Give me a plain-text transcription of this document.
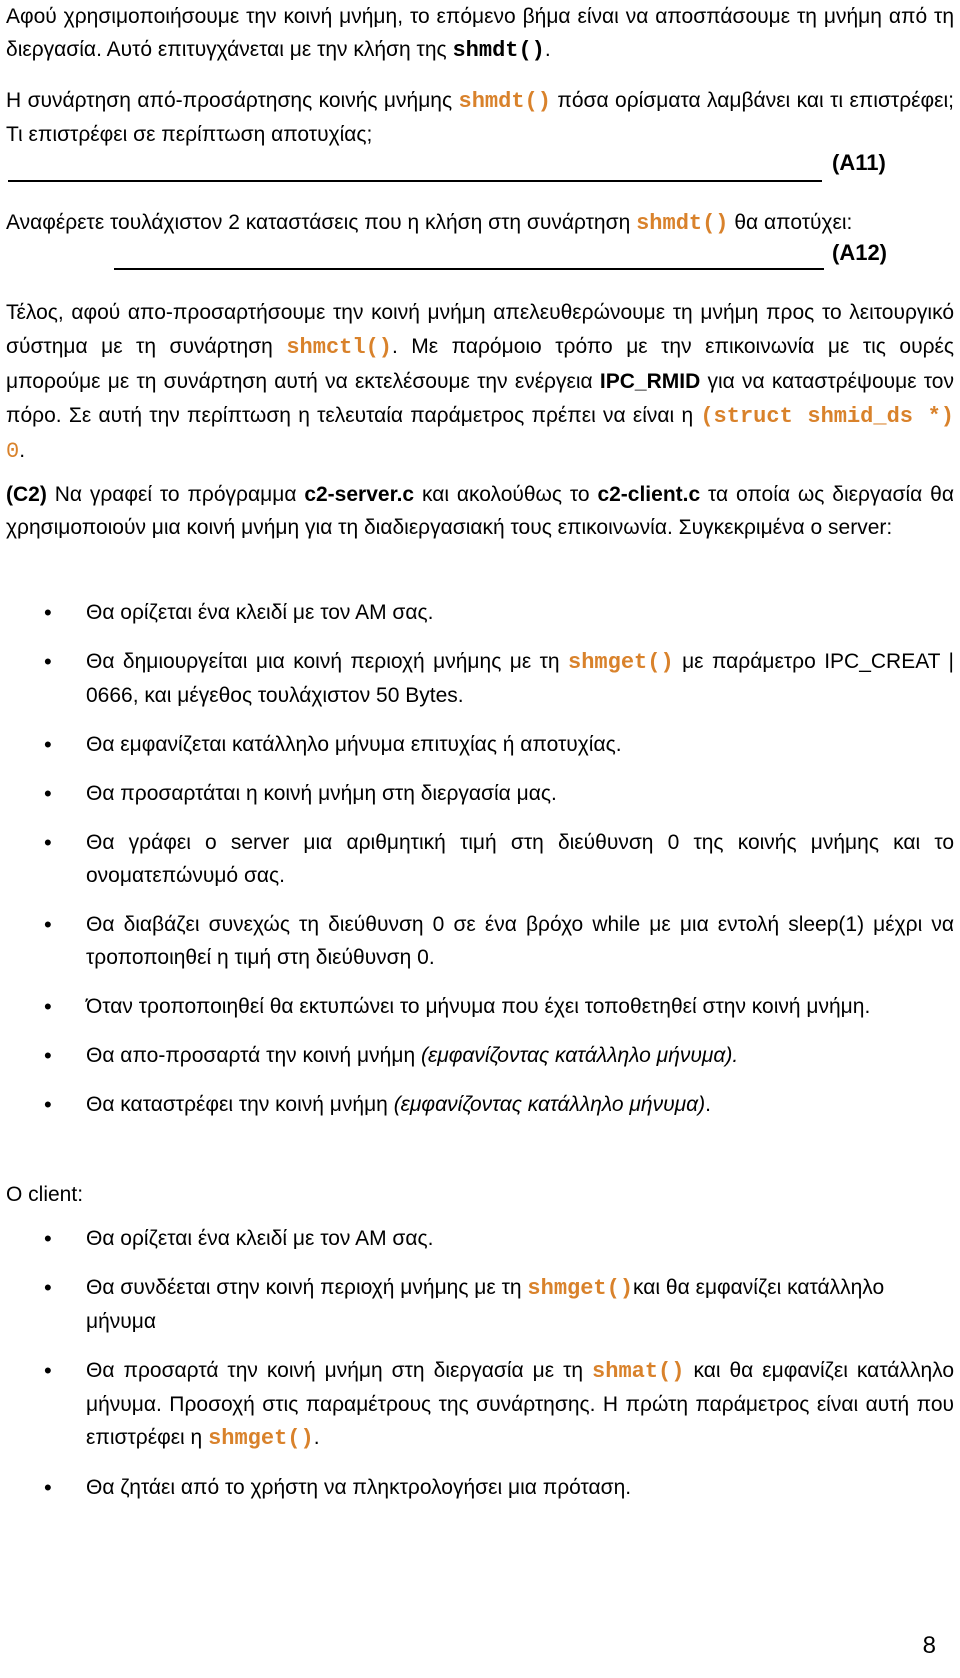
Αφού χρησιμοποιήσουμε την κοινή μνήμη, το επόμενο βήμα είναι να αποσπάσουμε τη μνήμη από τη διεργασία. Αυτό επιτυγχάνεται με την κλήση της shmdt().

Η συνάρτηση από-προσάρτησης κοινής μνήμης shmdt() πόσα ορίσματα λαμβάνει και τι επιστρέφει; Τι επιστρέφει σε περίπτωση αποτυχίας;

(A11)

Αναφέρετε τουλάχιστον 2 καταστάσεις που η κλήση στη συνάρτηση shmdt() θα αποτύχει:

(A12)

Τέλος, αφού απο-προσαρτήσουμε την κοινή μνήμη απελευθερώνουμε τη μνήμη προς το λειτουργικό σύστημα με τη συνάρτηση shmctl(). Με παρόμοιο τρόπο με την επικοινωνία με τις ουρές μπορούμε με τη συνάρτηση αυτή να εκτελέσουμε την ενέργεια IPC_RMID για να καταστρέψουμε τον πόρο. Σε αυτή την περίπτωση η τελευταία παράμετρος πρέπει να είναι η (struct shmid_ds *) 0.

(C2) Να γραφεί το πρόγραμμα c2-server.c και ακολούθως το c2-client.c τα οποία ως διεργασία θα χρησιμοποιούν μια κοινή μνήμη για τη διαδιεργασιακή τους επικοινωνία. Συγκεκριμένα ο server:

• Θα ορίζεται ένα κλειδί με τον ΑΜ σας.
• Θα δημιουργείται μια κοινή περιοχή μνήμης με τη shmget() με παράμετρο IPC_CREAT | 0666, και μέγεθος τουλάχιστον 50 Bytes.
• Θα εμφανίζεται κατάλληλο μήνυμα επιτυχίας ή αποτυχίας.
• Θα προσαρτάται η κοινή μνήμη στη διεργασία μας.
• Θα γράφει ο server μια αριθμητική τιμή στη διεύθυνση 0 της κοινής μνήμης και το ονοματεπώνυμό σας.
• Θα διαβάζει συνεχώς τη διεύθυνση 0 σε ένα βρόχο while με μια εντολή sleep(1) μέχρι να τροποποιηθεί η τιμή στη διεύθυνση 0.
• Όταν τροποποιηθεί θα εκτυπώνει το μήνυμα που έχει τοποθετηθεί στην κοινή μνήμη.
• Θα απο-προσαρτά την κοινή μνήμη (εμφανίζοντας κατάλληλο μήνυμα).
• Θα καταστρέφει την κοινή μνήμη (εμφανίζοντας κατάλληλο μήνυμα).

O client:

• Θα ορίζεται ένα κλειδί με τον ΑΜ σας.
• Θα συνδέεται στην κοινή περιοχή μνήμης με τη shmget()και θα εμφανίζει κατάλληλο μήνυμα
• Θα προσαρτά την κοινή μνήμη στη διεργασία με τη shmat() και θα εμφανίζει κατάλληλο μήνυμα. Προσοχή στις παραμέτρους της συνάρτησης. Η πρώτη παράμετρος είναι αυτή που επιστρέφει η shmget().
• Θα ζητάει από το χρήστη να πληκτρολογήσει μια πρόταση.
8
